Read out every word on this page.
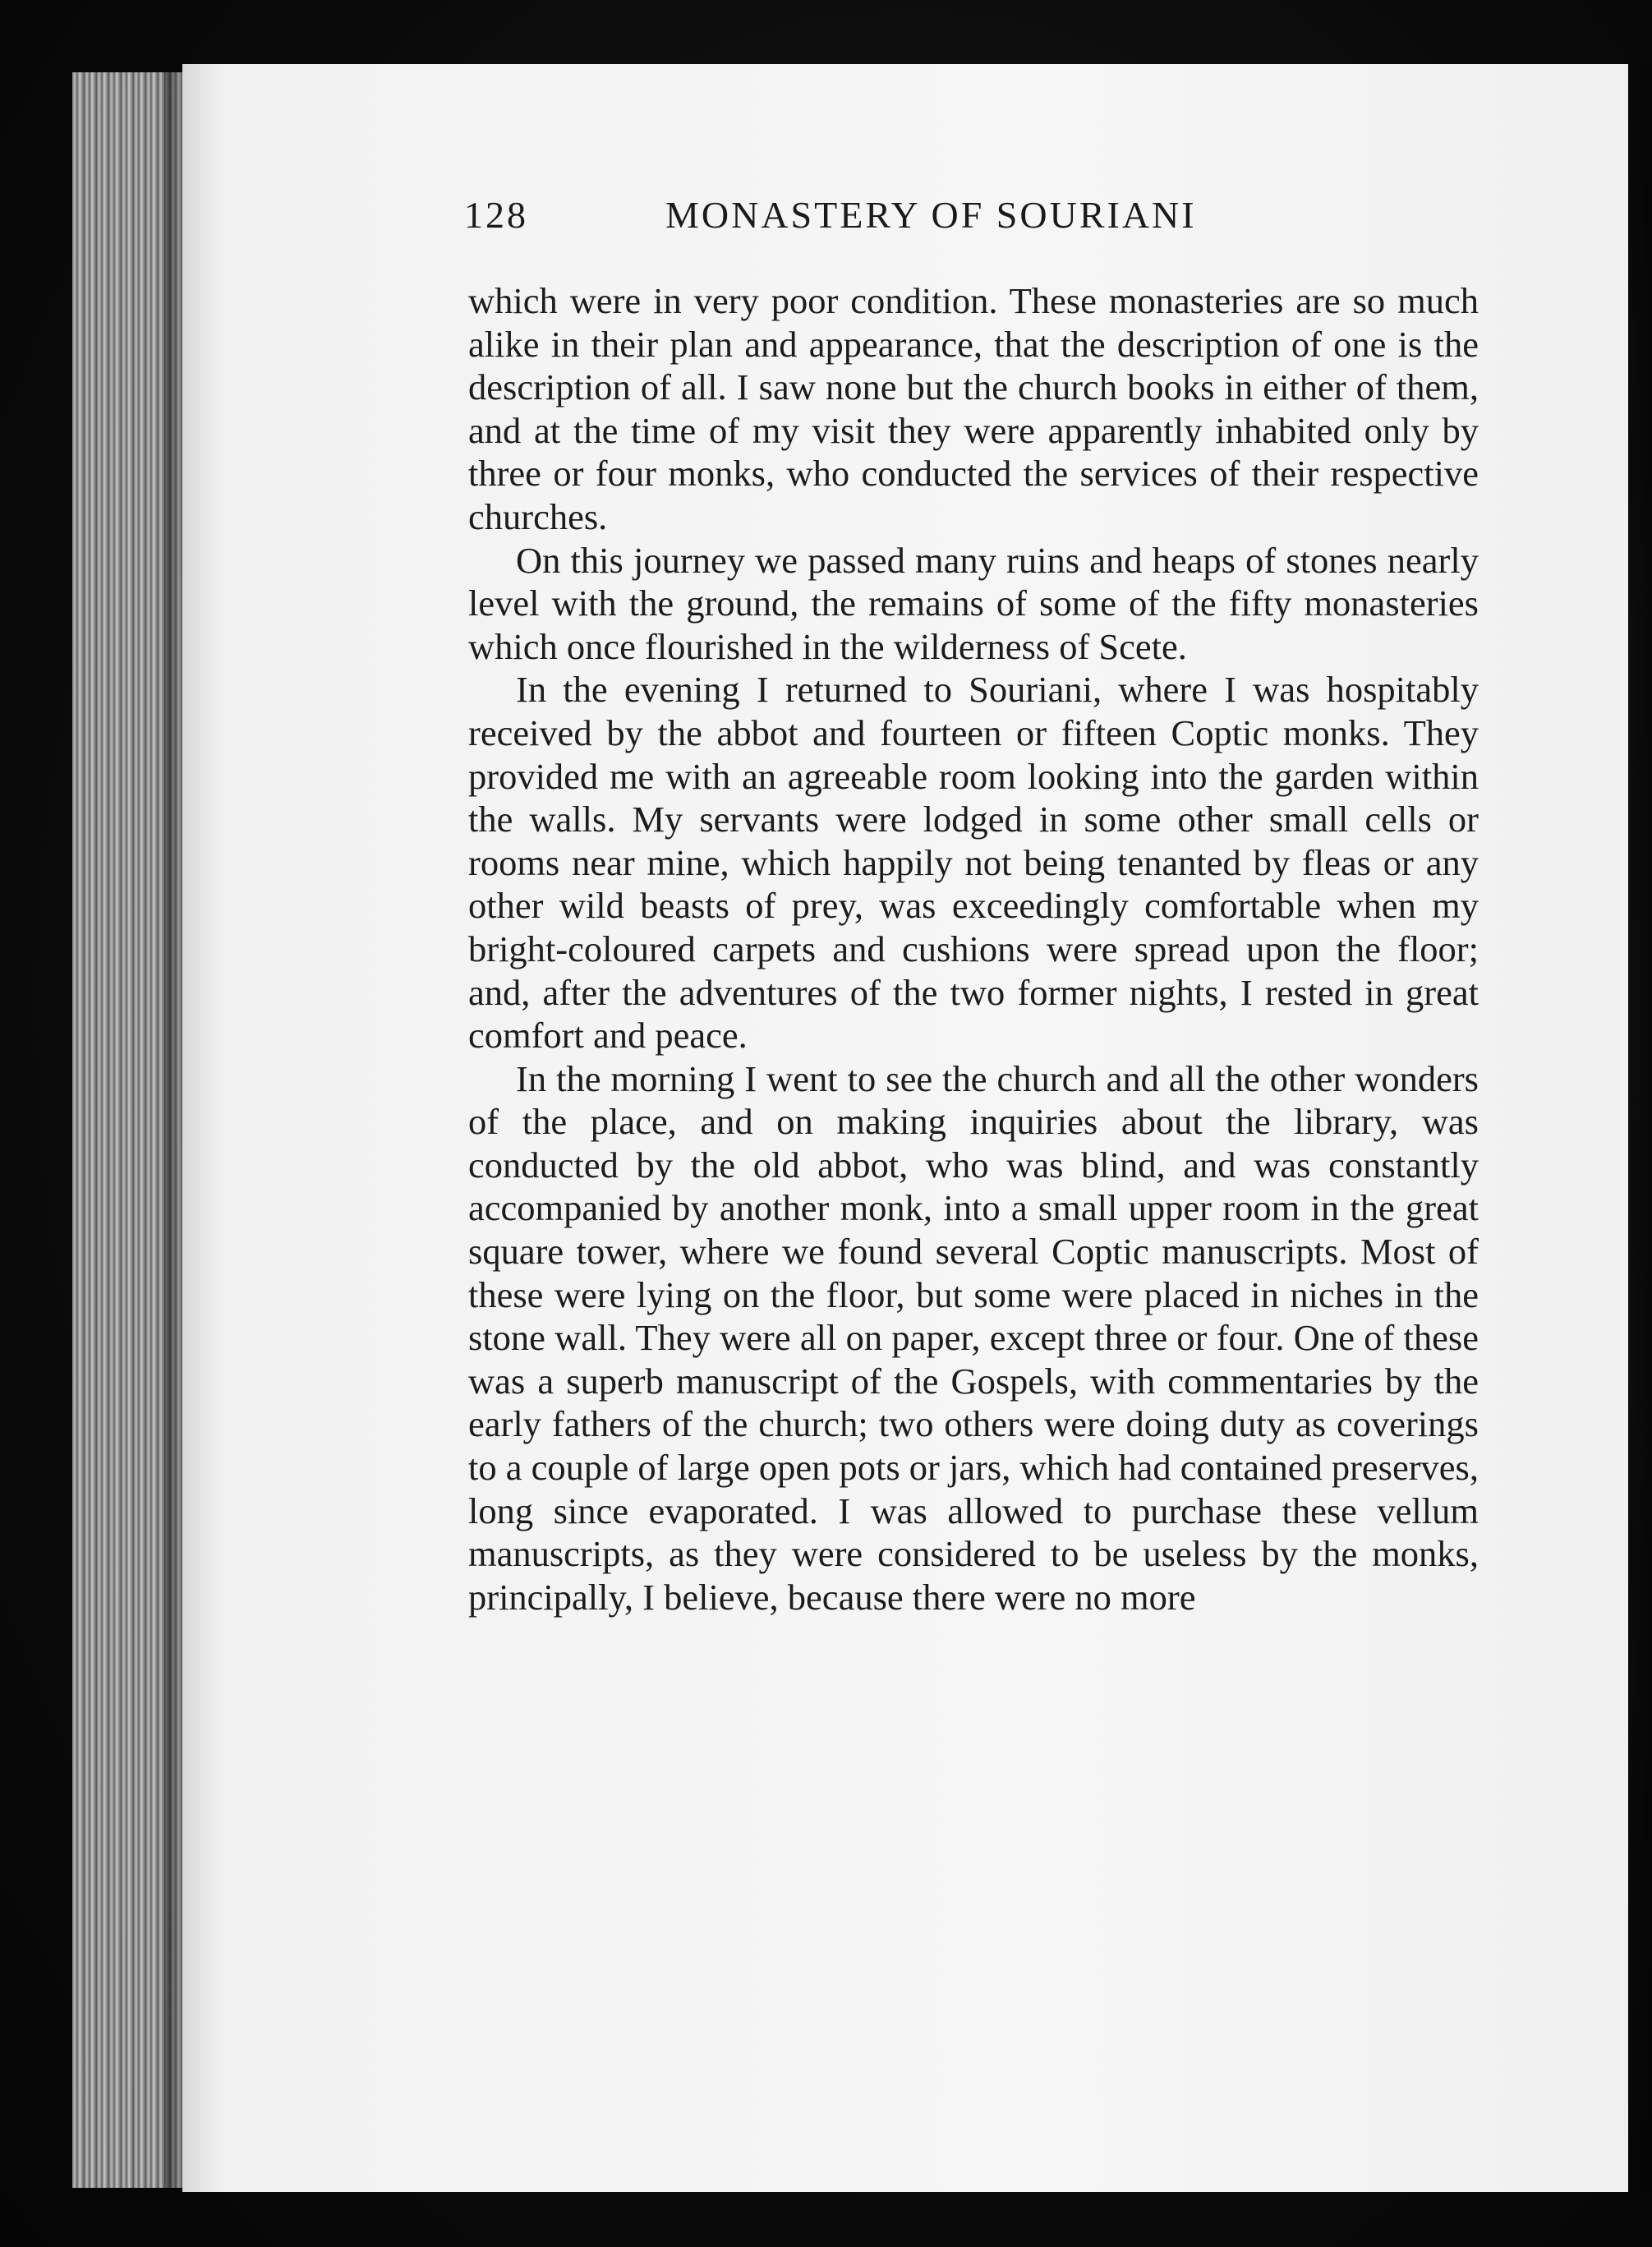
128	MONASTERY OF SOURIANI

which were in very poor condition. These monasteries are so much alike in their plan and appearance, that the description of one is the description of all. I saw none but the church books in either of them, and at the time of my visit they were apparently inhabited only by three or four monks, who conducted the services of their respective churches.

On this journey we passed many ruins and heaps of stones nearly level with the ground, the remains of some of the fifty monasteries which once flourished in the wilderness of Scete.

In the evening I returned to Souriani, where I was hospitably received by the abbot and fourteen or fifteen Coptic monks. They provided me with an agreeable room looking into the garden within the walls. My servants were lodged in some other small cells or rooms near mine, which happily not being tenanted by fleas or any other wild beasts of prey, was exceedingly comfortable when my bright-coloured carpets and cushions were spread upon the floor; and, after the adventures of the two former nights, I rested in great comfort and peace.

In the morning I went to see the church and all the other wonders of the place, and on making inquiries about the library, was conducted by the old abbot, who was blind, and was constantly accompanied by another monk, into a small upper room in the great square tower, where we found several Coptic manuscripts. Most of these were lying on the floor, but some were placed in niches in the stone wall. They were all on paper, except three or four. One of these was a superb manuscript of the Gospels, with commentaries by the early fathers of the church; two others were doing duty as coverings to a couple of large open pots or jars, which had contained preserves, long since evaporated. I was allowed to purchase these vellum manuscripts, as they were considered to be useless by the monks, principally, I believe, because there were no more
